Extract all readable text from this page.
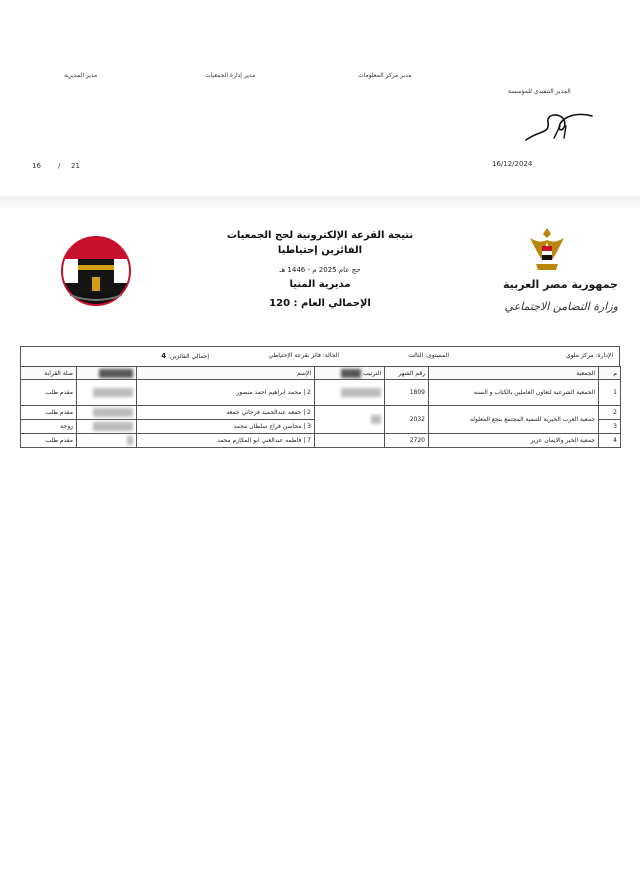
مدير المديرية	مدير إدارة الجمعيات	مدير مركز المعلومات
المدير التنفيذي للمؤسسة
16/12/2024
16 / 21
جمهورية مصر العربية
وزارة التضامن الاجتماعي
نتيجة القرعة الإلكترونية لحج الجمعيات
الفائزين إحتياطيا
حج عام 2025 م - 1446 هـ
مديرية المنيا
الإجمالي العام : 120
الإدارة: مركز ملوي
المستوى: الثالث
الحالة: فائز بقرعة الإحتياطي
إجمالي الفائزين: 4
م	الجمعية	رقم الشهر	الترتيب	الإسم		صلة القرابة
1	الجمعية الشرعية لتعاون العاملين بالكتاب و السنه	1809		2 | محمد ابراهيم احمد منصور		مقدم طلب
2	جمعية العرب الخيرية للتنمية المجتمع بنجع المعلوله	2032		2 | جمعه عبدالحميد فرجاني جمعه		مقدم طلب
3				3 | محاسن فراج سلطان محمد		زوجة
4	جمعية الخير والايمان عزير	2720		7 | فاطمه عبدالغني ابو المكارم محمد		مقدم طلب
